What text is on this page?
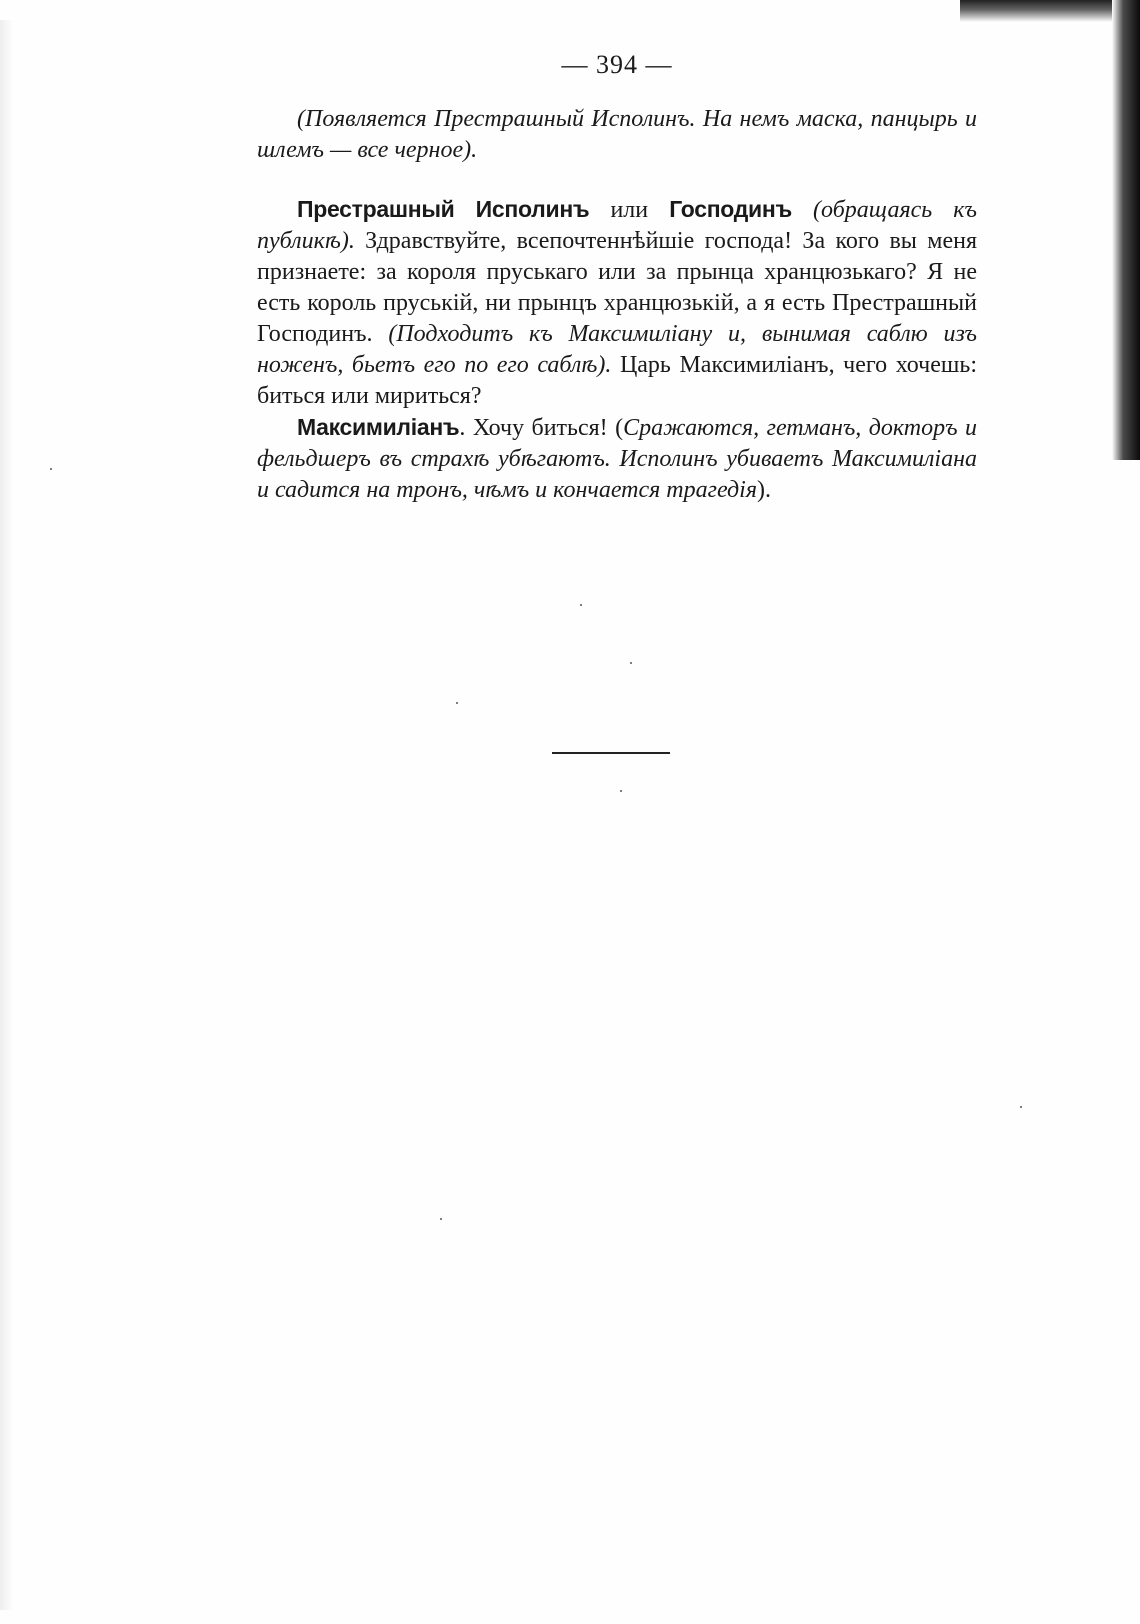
— 394 —

(Появляется Престрашный Исполинъ. На немъ маска, панцырь и шлемъ — все черное).

Престрашный Исполинъ или Господинъ (обращаясь къ публикѣ). Здравствуйте, всепочтеннѣйшіе господа! За кого вы меня признаете: за короля пруськаго или за прынца хранцюзькаго? Я не есть король пруській, ни прынцъ хранцюзькій, а я есть Престрашный Господинъ. (Подходитъ къ Максимиліану и, вынимая саблю изъ ноженъ, бьетъ его по его саблѣ). Царь Максимиліанъ, чего хочешь: биться или мириться?

Максимиліанъ. Хочу биться! (Сражаются, гетманъ, докторъ и фельдшеръ въ страхѣ убѣгаютъ. Исполинъ убиваетъ Максимиліана и садится на тронъ, чѣмъ и кончается трагедія).
